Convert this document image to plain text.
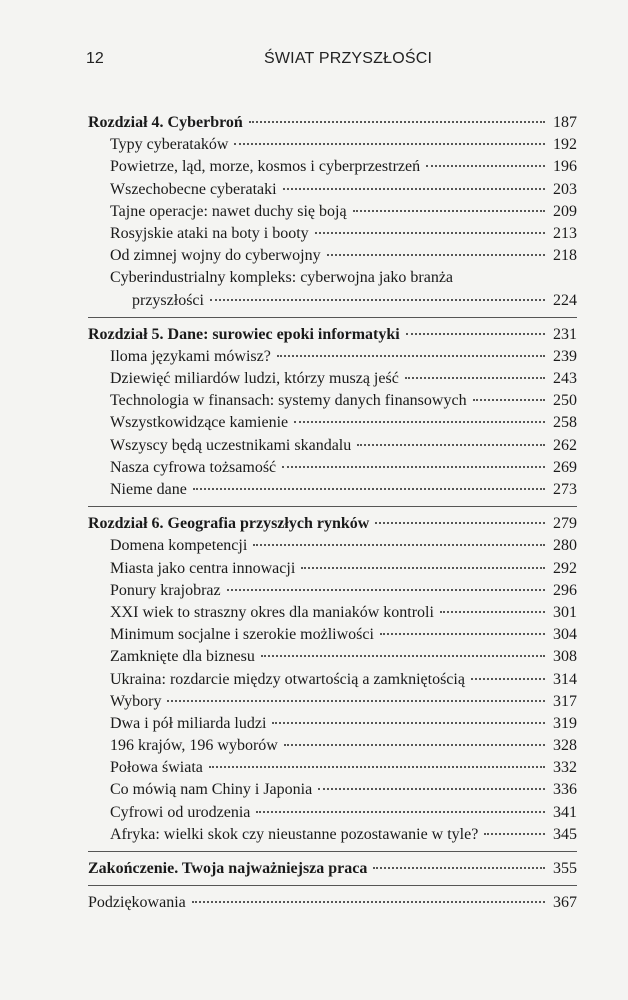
12	ŚWIAT PRZYSZŁOŚCI
Rozdział 4. Cyberbroń	187
Typy cyberataków	192
Powietrze, ląd, morze, kosmos i cyberprzestrzeń	196
Wszechobecne cyberataki	203
Tajne operacje: nawet duchy się boją	209
Rosyjskie ataki na boty i booty	213
Od zimnej wojny do cyberwojny	218
Cyberindustrialny kompleks: cyberwojna jako branża
przyszłości	224
Rozdział 5. Dane: surowiec epoki informatyki	231
Iloma językami mówisz?	239
Dziewięć miliardów ludzi, którzy muszą jeść	243
Technologia w finansach: systemy danych finansowych	250
Wszystkowidzące kamienie	258
Wszyscy będą uczestnikami skandalu	262
Nasza cyfrowa tożsamość	269
Nieme dane	273
Rozdział 6. Geografia przyszłych rynków	279
Domena kompetencji	280
Miasta jako centra innowacji	292
Ponury krajobraz	296
XXI wiek to straszny okres dla maniaków kontroli	301
Minimum socjalne i szerokie możliwości	304
Zamknięte dla biznesu	308
Ukraina: rozdarcie między otwartością a zamkniętością	314
Wybory	317
Dwa i pół miliarda ludzi	319
196 krajów, 196 wyborów	328
Połowa świata	332
Co mówią nam Chiny i Japonia	336
Cyfrowi od urodzenia	341
Afryka: wielki skok czy nieustanne pozostawanie w tyle?	345
Zakończenie. Twoja najważniejsza praca	355
Podziękowania	367
